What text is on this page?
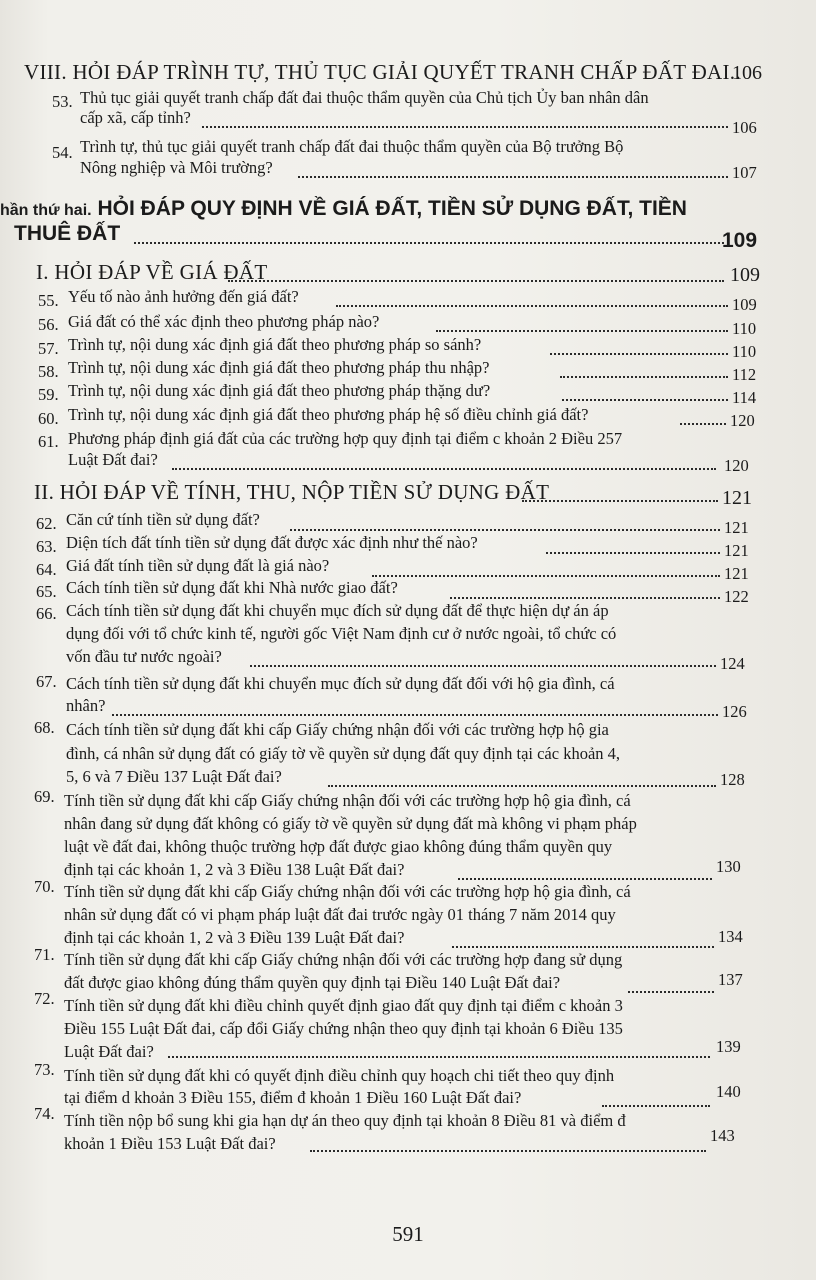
VIII. HỎI ĐÁP TRÌNH TỰ, THỦ TỤC GIẢI QUYẾT TRANH CHẤP ĐẤT ĐAI..
106
53. Thủ tục giải quyết tranh chấp đất đai thuộc thẩm quyền của Chủ tịch Ủy ban nhân dân
cấp xã, cấp tỉnh?
106
54. Trình tự, thủ tục giải quyết tranh chấp đất đai thuộc thẩm quyền của Bộ trưởng Bộ
Nông nghiệp và Môi trường?	107
hần thứ hai. HỎI ĐÁP QUY ĐỊNH VỀ GIÁ ĐẤT, TIỀN SỬ DỤNG ĐẤT, TIỀN
THUÊ ĐẤT	109
I. HỎI ĐÁP VỀ GIÁ ĐẤT	109
55. Yếu tố nào ảnh hưởng đến giá đất?	109
56. Giá đất có thể xác định theo phương pháp nào?	110
57. Trình tự, nội dung xác định giá đất theo phương pháp so sánh?	110
58. Trình tự, nội dung xác định giá đất theo phương pháp thu nhập?	112
59. Trình tự, nội dung xác định giá đất theo phương pháp thặng dư?	114
60. Trình tự, nội dung xác định giá đất theo phương pháp hệ số điều chỉnh giá đất?	120
61. Phương pháp định giá đất của các trường hợp quy định tại điểm c khoản 2 Điều 257
Luật Đất đai?	120
II. HỎI ĐÁP VỀ TÍNH, THU, NỘP TIỀN SỬ DỤNG ĐẤT	121
62. Căn cứ tính tiền sử dụng đất?	121
63. Diện tích đất tính tiền sử dụng đất được xác định như thế nào?	121
64. Giá đất tính tiền sử dụng đất là giá nào?	121
65. Cách tính tiền sử dụng đất khi Nhà nước giao đất?	122
66. Cách tính tiền sử dụng đất khi chuyển mục đích sử dụng đất để thực hiện dự án áp
dụng đối với tổ chức kinh tế, người gốc Việt Nam định cư ở nước ngoài, tổ chức có
vốn đầu tư nước ngoài?	124
67. Cách tính tiền sử dụng đất khi chuyển mục đích sử dụng đất đối với hộ gia đình, cá
nhân?	126
68. Cách tính tiền sử dụng đất khi cấp Giấy chứng nhận đối với các trường hợp hộ gia
đình, cá nhân sử dụng đất có giấy tờ về quyền sử dụng đất quy định tại các khoản 4,
5, 6 và 7 Điều 137 Luật Đất đai?	128
69. Tính tiền sử dụng đất khi cấp Giấy chứng nhận đối với các trường hợp hộ gia đình, cá
nhân đang sử dụng đất không có giấy tờ về quyền sử dụng đất mà không vi phạm pháp
luật về đất đai, không thuộc trường hợp đất được giao không đúng thẩm quyền quy
định tại các khoản 1, 2 và 3 Điều 138 Luật Đất đai?	130
70. Tính tiền sử dụng đất khi cấp Giấy chứng nhận đối với các trường hợp hộ gia đình, cá
nhân sử dụng đất có vi phạm pháp luật đất đai trước ngày 01 tháng 7 năm 2014 quy
định tại các khoản 1, 2 và 3 Điều 139 Luật Đất đai?	134
71. Tính tiền sử dụng đất khi cấp Giấy chứng nhận đối với các trường hợp đang sử dụng
đất được giao không đúng thẩm quyền quy định tại Điều 140 Luật Đất đai?	137
72. Tính tiền sử dụng đất khi điều chỉnh quyết định giao đất quy định tại điểm c khoản 3
Điều 155 Luật Đất đai, cấp đổi Giấy chứng nhận theo quy định tại khoản 6 Điều 135
Luật Đất đai?	139
73. Tính tiền sử dụng đất khi có quyết định điều chỉnh quy hoạch chi tiết theo quy định
tại điểm d khoản 3 Điều 155, điểm đ khoản 1 Điều 160 Luật Đất đai?	140
74. Tính tiền nộp bổ sung khi gia hạn dự án theo quy định tại khoản 8 Điều 81 và điểm đ
khoản 1 Điều 153 Luật Đất đai?	143
591
